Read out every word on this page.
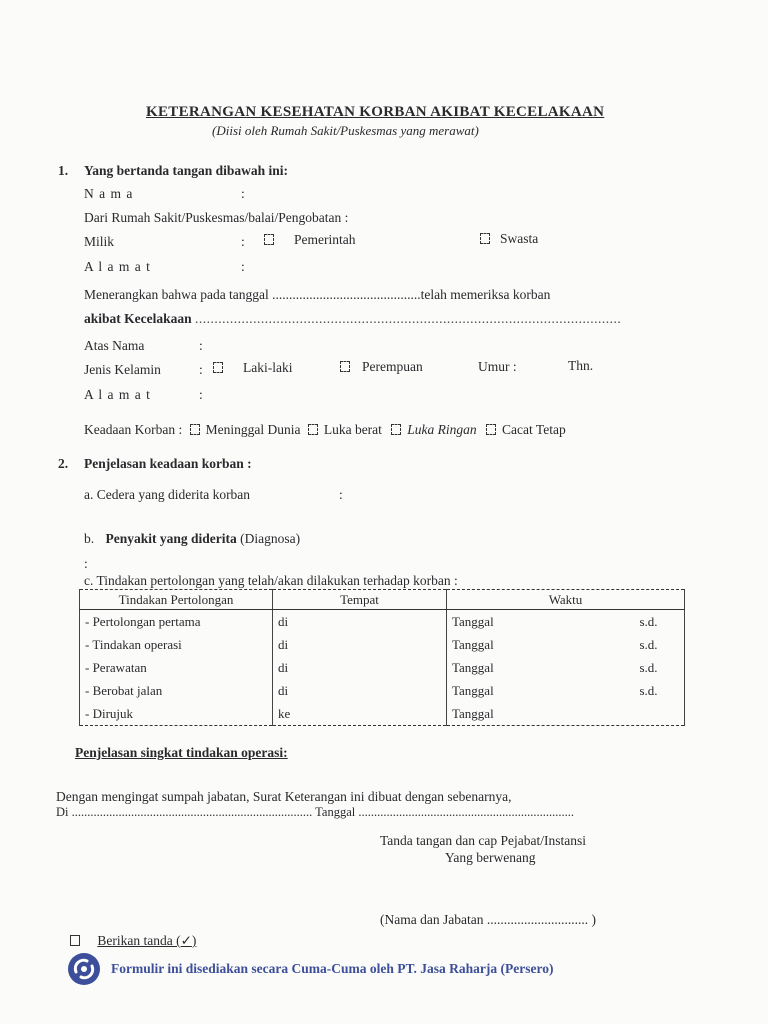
KETERANGAN KESEHATAN KORBAN AKIBAT KECELAKAAN
(Diisi oleh Rumah Sakit/Puskesmas yang merawat)
1. Yang bertanda tangan dibawah ini:
N a m a	:
Dari Rumah Sakit/Puskesmas/balai/Pengobatan :
Milik	:	Pemerintah	Swasta
A l a m a t	:
Menerangkan bahwa pada tanggal ............................................telah memeriksa korban
akibat Kecelakaan ..............................................................................................................
Atas Nama	:
Jenis Kelamin	:	Laki-laki	Perempuan	Umur :	Thn.
A l a m a t	:
Keadaan Korban : Meninggal Dunia Luka berat Luka Ringan Cacat Tetap
2. Penjelasan keadaan korban :
a. Cedera yang diderita korban	:
b. Penyakit yang diderita (Diagnosa)
:
c. Tindakan pertolongan yang telah/akan dilakukan terhadap korban :
Tindakan Pertolongan	Tempat	Waktu
- Pertolongan pertama	di	Tanggal s.d.

- Tindakan operasi	di	Tanggal s.d.

- Perawatan	di	Tanggal s.d.

- Berobat jalan	di	Tanggal s.d.

- Dirujuk	ke	Tanggal
Penjelasan singkat tindakan operasi:
Dengan mengingat sumpah jabatan, Surat Keterangan ini dibuat dengan sebenarnya,
Di ............................................................................. Tanggal .....................................................................
Tanda tangan dan cap Pejabat/Instansi
Yang berwenang
(Nama dan Jabatan .............................. )
Berikan tanda (✓)
Formulir ini disediakan secara Cuma-Cuma oleh PT. Jasa Raharja (Persero)
